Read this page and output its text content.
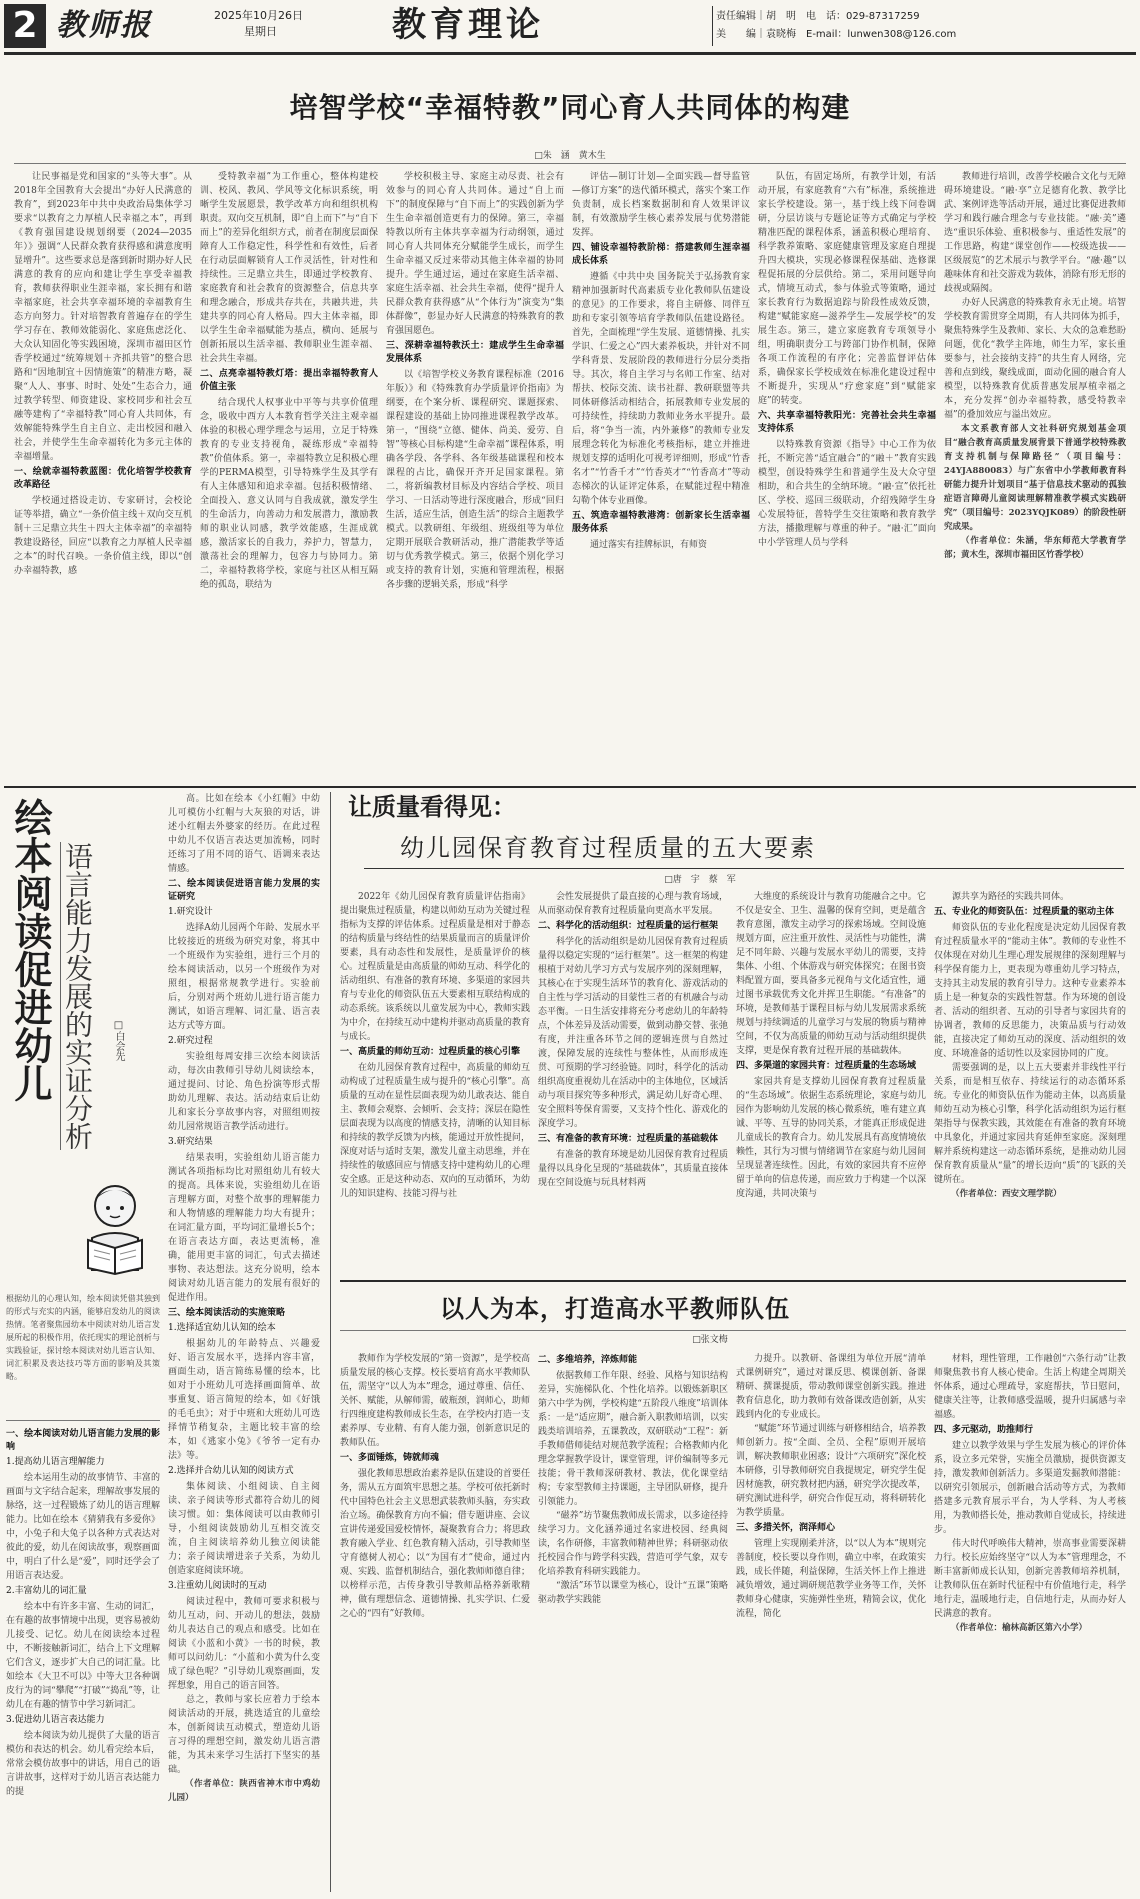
2 教师报	2025年10月26日
星期日	教育理论	责任编辑｜胡　明　电　话：029-87317259
美　　编｜袁晓梅　E-mail：lunwen308@126.com
培智学校“幸福特教”同心育人共同体的构建
□朱　涵　黄木生

让民事福是党和国家的“头等大事”。从2018年全国教育大会提出“办好人民满意的教育”，到2023年中共中央政治局集体学习要求“以教育之力厚植人民幸福之本”，再到《教育强国建设规划纲要（2024—2035年）》强调“人民群众教育获得感和满意度明显增升”。这些要求总是落到新时期办好人民满意的教育的应向和建让学生享受幸福教育，教师获得职业生涯幸福，家长拥有和谐幸福家庭，社会共享幸福环境的幸福教育生态方向努力。针对培智教育普遍存在的学生学习存在、教师效能弱化、家庭焦虑泛化、大众认知固化等实践困境，深圳市福田区竹香学校通过“统筹规划＋齐抓共管”的整合思路和“因地制宜＋因情施策”的精准方略，凝聚“人人、事事、时时、处处”生态合力，通过教学转型、师资建设、家校同步和社会互融等建构了“幸福特教”同心育人共同体，有效解能特殊学生自主自立、走出校园和融入社会，并使学生生命幸福转化为多元主体的幸福增量。

一、绘就幸福特教蓝图：优化培智学校教育改革路径

学校通过搭设走访、专家研讨，会校论证等举措，确立“一条价值主线＋双向交互机制＋三足鼎立共生＋四大主体幸福”的幸福特教建设路径，回应“以教育之力厚植人民幸福之本”的时代召唤。一条价值主线，即以“创办幸福特教，感

受特教幸福”为工作重心，整体构建校训、校风、教风、学风等文化标识系统，明晰学生发展愿景，教学改革方向和组织机构职责。双向交互机制，即“自上而下”与“自下而上”的差异化组织方式，前者在制度层面保障育人工作稳定性，科学性和有效性，后者在行动层面解锁育人工作灵活性，针对性和持续性。三足鼎立共生，即通过学校教育、家庭教育和社会教育的资源整合，信息共享和理念融合，形成共存共在，共融共进，共建共享的同心育人格局。四大主体幸福，即以学生生命幸福赋能为基点，横向、延展与创新拓展以生活幸福、教师职业生涯幸福、社会共生幸福。

二、点亮幸福特教灯塔：提出幸福特教育人价值主张

结合现代人权事业中平等与共享价值理念，吸收中西方人本教育哲学关注主观幸福体验的积极心理学理念与运用，立足于特殊教育的专业支持视角，凝练形成“幸福特教”价值体系。第一，幸福特教立足积极心理学的PERMA模型，引导特殊学生及其学有有人主体感知和追求幸福。包括积极情绪、全面投入、意义认同与自我成就，激发学生的生命活力，向善动力和发展潜力，激励教师的职业认同感，教学效能感，生涯成就感，激活家长的自我力，养护力，智慧力，激荡社会的理解力，包容力与协同力。第二，幸福特教将学校，家庭与社区从相互隔绝的孤岛，联结为

学校积极主导、家庭主动尽责、社会有效参与的同心育人共同体。通过“自上而下”的制度保障与“自下而上”的实践创新为学生生命幸福创造更有力的保障。第三，幸福特教以所有主体共享幸福为行动纲领，通过同心育人共同体充分赋能学生成长，而学生生命幸福又反过来带动其他主体幸福的协同提升。学生通过运，通过在家庭生活幸福、家庭生活幸福、社会共生幸福，使得“提升人民群众教育获得感”从“个体行为”演变为“集体群像”，彰显办好人民满意的特殊教育的教育强国愿色。

三、深耕幸福特教沃土：建成学生生命幸福发展体系

以《培智学校义务教育课程标准（2016年版）》和《特殊教育办学质量评价指南》为纲要，在个案分析、课程研究、课题探索、课程建设的基础上协同推进课程教学改革。第一，“围绕“立德、健体、尚美、爱劳、自智”等核心目标构建“生命幸福”课程体系，明确各学段、各学科、各年级基础课程和校本课程的占比，确保开齐开足国家课程。第二，将新编教材目标及内容结合学校、项目学习、一日活动等进行深度融合，形成“回归生活，适应生活，创造生活”的综合主题教学模式。以教研组、年级组、班级组等为单位定期开展联合教研活动，推广潜能教学等适切与优秀教学模式。第三，依据个别化学习或支持的教育计划，实施和管理流程，根据各步骤的逻辑关系，形成“科学

评估—制订计划—全面实践—督导监管—修订方案”的迭代循环模式，落实个案工作负责制，成长档案数据制和育人效果评议制，有效激励学生核心素养发展与优势潜能发挥。

四、铺设幸福特教阶梯：搭建教师生涯幸福成长体系

遵循《中共中央 国务院关于弘扬教育家精神加强新时代高素质专业化教师队伍建设的意见》的工作要求，将自主研修、同伴互助和专家引领等培育学教师队伍建设路径。首先，全面梳理“学生发展、道德情操、扎实学识、仁爱之心”四大素养板块，并针对不同学科背景、发展阶段的教师进行分层分类指导。其次，将自主学习与名师工作室、结对帮扶、校际交流、读书社群、教研联盟等共同体研修活动相结合，拓展教师专业发展的可持续性，持续助力教师业务水平提升。最后，将“争当一流，内外兼修”的教师专业发展理念转化为标准化考核指标，建立并推进规划支撑的适明化可视考评细则，形成“竹香名才”“竹香千才”“竹香英才”“竹香高才”等动态梯次的认证评定体系，在赋能过程中精准勾勒个体专业画像。

五、筑造幸福特教港湾：创新家长生活幸福服务体系

通过落实有挂牌标识，有师资

队伍，有固定场所，有教学计划，有活动开展，有家庭教育“六有”标准，系统推进家长学校建设。第一，基于线上线下问卷调研，分层访谈与专题论证等方式确定与学校精准匹配的课程体系，涵盖积极心理培育、科学教养策略、家庭健康管理及家庭自理提升四大模块，实现必修课程保基础、选修课程促拓展的分层供给。第二，采用问题导向式，情境互动式，参与体验式等策略，通过家长教育行为数据追踪与阶段性成效反馈，构建“赋能家庭—滋养学生—发展学校”的发展生态。第三，建立家庭教育专项领导小组，明确职责分工与跨部门协作机制，保障各项工作流程的有序化；完善监督评估体系，确保家长学校成效在标准化建设过程中不断提升，实现从“疗愈家庭”到“赋能家庭”的转变。

六、共享幸福特教阳光：完善社会共生幸福支持体系

以特殊教育资源《指导》中心工作为依托，不断完善“适宜融合”的“融＋”教育实践模型，创设特殊学生和普通学生及大众守望相助，和合共生的全纳环境。“融·宣”依托社区、学校、巡回三级联动，介绍残障学生身心发展特征，普特学生交往策略和教育教学方法，播撒理解与尊重的种子。“融·汇”面向中小学管理人员与学科

教师进行培训，改善学校融合文化与无障碍环境建设。“融·享”立足德育化教、教学比武、案例评选等活动开展，通过比赛促进教师学习和践行融合理念与专业技能。“融·美”遴选“重识乐体验、重积极参与、重适性发展”的工作思路，构建“课堂创作——校级选拔——区级展览”的艺术展示与教学平台。“融·趣”以趣味体育和社交游戏为载体，消除有形无形的歧视或隔阂。

办好人民满意的特殊教育永无止境。培智学校教育需贯穿全周期，有人共同体为抓手，聚焦特殊学生及教师、家长、大众的急难愁盼问题，优化“教学主阵地，师生力军，家长重要参与，社会接纳支持”的共生育人网络，完善和点到线，聚线成面，面动化圆的融合育人模型，以特殊教育优质普惠发展厚植幸福之本，充分发挥“创办幸福特教，感受特教幸福”的叠加效应与溢出效应。

本文系教育部人文社科研究规划基金项目“融合教育高质量发展背景下普通学校特殊教育支持机制与保障路径”（项目编号：24YJA880083）与广东省中小学教师教育科研能力提升计划项目“基于信息技术驱动的孤独症语言障碍儿童阅读理解精准教学模式实践研究”（项目编号：2023YQJK089）的阶段性研究成果。

（作者单位：朱涵，华东师范大学教育学部；黄木生，深圳市福田区竹香学校）

绘本阅读促进幼儿 语言能力发展的实证分析 □白会先
根据幼儿的心理认知，绘本阅读凭借其独到的形式与充实的内涵，能够启发幼儿的阅读热情。笔者聚焦园幼本中阅读对幼儿语言发展所起的积极作用，依托现实的理论剖析与实践验证，探讨绘本阅读对幼儿语言认知、词汇积累及表达技巧等方面的影响及其策略。
一、绘本阅读对幼儿语言能力发展的影响
1.提高幼儿语言理解能力

绘本运用生动的故事情节、丰富的画面与文字结合起来，理解故事发展的脉络，这一过程锻炼了幼儿的语言理解能力。比如在绘本《猜猜我有多爱你》中，小兔子和大兔子以各种方式表达对彼此的爱，幼儿在阅读故事，观察画面中，明白了什么是“爱”，同时还学会了用语言表达爱。

2.丰富幼儿的词汇量

绘本中有许多丰富、生动的词汇，在有趣的故事情境中出现，更容易被幼儿接受、记忆。幼儿在阅读绘本过程中，不断接触新词汇，结合上下文理解它们含义，逐步扩大自己的词汇量。比如绘本《大卫不可以》中等大卫各种调皮行为的词“攀爬”“打破”“捣乱”等，让幼儿在有趣的情节中学习新词汇。

3.促进幼儿语言表达能力

绘本阅读为幼儿提供了大量的语言模仿和表达的机会。幼儿看完绘本后，常常会模仿故事中的讲话，用自己的语言讲故事，这样对于幼儿语言表达能力的提

高。比如在绘本《小红帽》中幼儿可模仿小红帽与大灰狼的对话，讲述小红帽去外婆家的经历。在此过程中幼儿不仅语言表达更加流畅，同时还练习了用不同的语气、语调来表达情感。

二、绘本阅读促进语言能力发展的实证研究
1.研究设计

选择A幼儿园两个年龄、发展水平比较接近的班级为研究对象，将其中一个班级作为实验组，进行三个月的绘本阅读活动，以另一个班级作为对照组，根据常规教学进行。实验前后，分别对两个班幼儿进行语言能力测试，如语言理解、词汇量、语言表达方式等方面。

2.研究过程

实验组每周安排三次绘本阅读活动，每次由教师引导幼儿阅读绘本，通过提问、讨论、角色扮演等形式帮助幼儿理解、表达。活动结束后让幼儿和家长分享故事内容，对照组则按幼儿园常规语言教学活动进行。

3.研究结果

结果表明，实验组幼儿语言能力测试各项指标均比对照组幼儿有较大的提高。具体来说，实验组幼儿在语言理解方面，对整个故事的理解能力和人物情感的理解能力均大有提升；在词汇量方面，平均词汇量增长5个；在语言表达方面，表达更流畅，准确，能用更丰富的词汇，句式去描述事物、表达想法。这充分说明，绘本阅读对幼儿语言能力的发展有很好的促进作用。

三、绘本阅读活动的实施策略
1.选择适宜幼儿认知的绘本

根据幼儿的年龄特点、兴趣爱好、语言发展水平，选择内容丰富，画面生动，语言简练易懂的绘本，比如对于小班幼儿可选择画面简单、故事重复、语言简短的绘本，如《好饿的毛毛虫》；对于中班和大班幼儿可选择情节稍复杂，主题比较丰富的绘本，如《逃家小兔》《爷爷一定有办法》等。

2.选择并合幼儿认知的阅读方式

集体阅读、小组阅读、自主阅读、亲子阅读等形式都符合幼儿的阅读习惯。如：集体阅读可以由教师引导，小组阅读鼓励幼儿互相交流交流，自主阅读培养幼儿独立阅读能力；亲子阅读增进亲子关系，为幼儿创造家庭阅读环境。

3.注重幼儿阅读时的互动

阅读过程中，教师可要求积极与幼儿互动，问、开动儿的想法，鼓励幼儿表达自己的观点和感受。比如在阅读《小蓝和小黄》一书的时候，教师可以问幼儿：“小蓝和小黄为什么变成了绿色呢？”引导幼儿观察画面，发挥想象，用自己的语言回答。

总之，教师与家长应着力于绘本阅读活动的开展，挑选适宜的儿童绘本，创新阅读互动模式，塑造幼儿语言习得的理想空间，激发幼儿语言潜能，为其未来学习生活打下坚实的基础。

（作者单位：陕西省神木市中鸡幼儿园）

让质量看得见：
幼儿园保育教育过程质量的五大要素
□唐　宇　蔡　军

2022年《幼儿园保育教育质量评估指南》提出聚焦过程质量，构建以师幼互动为关键过程指标为支撑的评估体系。过程质量是相对于静态的结构质量与终结性的结果质量而言的质量评价要素，具有动态性和发展性，是质量评价的核心。过程质量是由高质量的师幼互动、科学化的活动组织、有准备的教育环境、多渠道的家园共育与专业化的师资队伍五大要素相互联结构成的动态系统。该系统以儿童发展为中心，教师实践为中介，在持续互动中建构并驱动高质量的教育与成长。

一、高质量的师幼互动：过程质量的核心引擎

在幼儿园保育教育过程中，高质量的师幼互动构成了过程质量生成与提升的“核心引擎”。高质量的互动在显性层面表现为幼儿敢表达、能自主、教师会观察、会倾听、会支持；深层在隐性层面表现为以高度的情感支持，清晰的认知目标和持续的教学反馈为内核，能通过开放性提问，深度对话与适时支架，激发儿童主动思维，并在持续性的敏感回应与情感支持中建构幼儿的心理安全感。正是这种动态、双向的互动循环，为幼儿的知识建构、技能习得与社

会性发展提供了最直接的心理与教育场域，从而驱动保育教育过程质量向更高水平发展。

二、科学化的活动组织：过程质量的运行框架

科学化的活动组织是幼儿园保育教育过程质量得以稳定实现的“运行框架”。这一框架的构建根植于对幼儿学习方式与发展序列的深刻理解，其核心在于实现生活环节的教育化、游戏活动的自主性与学习活动的目蒙性三者的有机融合与动态平衡。一日生活安排将充分考虑幼儿的年龄特点，个体差异及活动需要，做到动静交替、张弛有度，并注重各环节之间的逻辑连贯与自然过渡，保障发展的连续性与整体性，从而形成连贯、可预期的学习经验链。同时，科学化的活动组织高度重视幼儿在活动中的主体地位，区域活动与项目探究等多种形式，满足幼儿好奇心理、安全照料等保育需要，又支持个性化、游戏化的深度学习。

三、有准备的教育环境：过程质量的基础载体

有准备的教育环境是幼儿园保育教育过程质量得以具身化呈现的“基础载体”，其质量直接体现在空间设施与玩具材料两

大维度的系统设计与教育功能融合之中。它不仅是安全、卫生、温馨的保育空间，更是蕴含教育意图，激发主动学习的探索场域。空间设施规划方面，应注重开放性、灵活性与功能性，满足不同年龄、兴趣与发展水平幼儿的需要，支持集体、小组、个体游戏与研究体探究；在图书资料配置方面，要具备多元视角与文化适宜性，通过图书承载优秀文化并挥卫生职能。“有准备”的环境，是教师基于课程目标与幼儿发展需求系统规划与持续调适的儿童学习与发展的物质与精神空间，不仅为高质量的师幼互动与活动组织提供支撑，更是保育教育过程开展的基础载体。

四、多渠道的家园共育：过程质量的生态场域

家园共育是支撑幼儿园保育教育过程质量的“生态场域”。依据生态系统理论，家庭与幼儿园作为影响幼儿发展的核心微系统，唯有建立真诚、平等、互导的协同关系，才能真正形成促进儿童成长的教育合力。幼儿发展具有高度情境依赖性，其行为习惯与情绪调节在家庭与幼儿园间呈现显著连续性。因此，有效的家园共育不应停留于单向的信息传递，而应致力于构建一个以深度沟通，共同决策与

源共享为路径的实践共同体。

五、专业化的师资队伍：过程质量的驱动主体

师资队伍的专业化程度是决定幼儿园保育教育过程质量水平的“能动主体”。教师的专业性不仅体现在对幼儿生理心理发展规律的深刻理解与科学保育能力上，更表现为尊重幼儿学习特点，支持其主动发展的教育引导力。这种专业素养本质上是一种复杂的实践性智慧。作为环境的创设者、活动的组织者、互动的引导者与家园共育的协调者，教师的反思能力，决策品质与行动效能，直接决定了师幼互动的深度、活动组织的效度、环境准备的适切性以及家园协同的广度。

需要强调的是，以上五大要素并非线性平行关系，而是相互依存、持续运行的动态循环系统。专业化的师资队伍作为能动主体，以高质量师幼互动为核心引擎，科学化活动组织为运行框架指导与保教实践，其效能在有准备的教育环境中具象化，并通过家园共育延伸至家庭。深刻理解并系统构建这一动态循环系统，是推动幼儿园保育教育质量从“量”的增长迈向“质”的飞跃的关键所在。

（作者单位：西安文理学院）

以人为本，打造高水平教师队伍
□张文梅

教师作为学校发展的“第一资源”，是学校高质量发展的核心支撑。校长要培育高水平教师队伍，需坚守“以人为本”理念，通过尊重、信任、关怀、赋能，从解师需，破瓶颈，润师心，助师行四维度建构教师成长生态，在学校内打造一支素养厚、专业精、有育人能力强，创新意识足的教师队伍。

一、多面锤炼，铸就师魂

强化教师思想政治素养是队伍建设的首要任务，需从五方面筑牢思想之基。学校可依托新时代中国特色社会主义思想武装教师头脑，夯实政治立场。确保教育方向不偏；借专题讲座、会议宣讲传递爱国爱校情怀，凝聚教育合力；将思政教育融入学业、红色教育精入活动，引导教师坚守育德树人初心；以“为国有才”使命，通过内观、实践、监督机制结合，强化教师师德自律；以榜样示范，古传身教引导教师品格养新歌精神，做有理想信念、道德情操、扎实学识、仁爱之心的“四有”好教师。

二、多维培养，淬炼师能

依据教师工作年限、经验、风格与知识结构差异，实施梯队化、个性化培养。以锻炼新职区第六中学为例，学校构建“五阶段八维度”培训体系：一是“适应期”，融合新入职教师培训，以实践类培训培养，五课教改，双研联动“工程”：新手教师借师徒结对规范教学流程；合格教师内化理念掌握教学设计，课堂管理，评价编制等多元技能；骨干教师深研教材、教法，优化课堂结构；专家型教师主持课题，主导团队研修，提升引领能力。

“磁养”坊节聚焦教师成长需求，以多途径持续学习力。文化涵养通过名家进校园、经典阅读，名作研修，丰富教师精神世界；科研驱动依托校园合作与跨学科实践，营造可学气象，双专化培养教育科研实践能力。

“激活”环节以课堂为核心，设计“五课”策略驱动教学实践能

力提升。以教研、备课组为单位开展“清单式课例研究”，通过对课反思、模课创新、备课精研、撰课提质，带动教师课堂创新实践。推进教育信息化，助力教师有效备课改造创新，从实践到内化的专业成长。

“赋能”环节通过训练与研修相结合，培养教师创新力。按“全面、全员、全程”原则开展培训，解决教师职业困惑；设计“六项研究”深化校本研修，引导教师研究自我提规定，研究学生促因材施教，研究教材把内涵，研究学次提改革，研究测试进科学，研究合作促互动，将科研转化为教学质量。

三、多措关怀，润泽师心

管理上实现刚柔并济，以“以人为本”规则完善制度，校长要以身作则，确立中率，在政策实践，成长伴随，利益保障，生活关怀上作上推进减负增效，通过调研规范教学业务等工作，关怀教师身心健康，实施弹性坐班，精简会议，优化流程，简化

材料，理性管理，工作融创“六条行动”让教师聚焦教书育人核心使命。生活上构建全周期关怀体系，通过心理疏导，家庭帮扶，节日慰问，健康关注等，让教师感受温暖，提升归属感与幸福感。

四、多元驱动，助推师行

建立以教学效果与学生发展为核心的评价体系，设立多元荣誉，实施全员激励，提供资源支持，激发教师创新活力。多渠道发掘教师潜能：以研究引领展示，创新融合活动等方式，为教师搭建多元教育展示平台，为人学科、为人考核用，为教师搭长处，推动教师自觉成长，持续进步。

伟大时代呼唤伟大精神，崇高事业需要深耕力行。校长应始终坚守“以人为本”管理理念，不断丰富新师成长认知，创新完善教师培养机制，让教师队伍在新时代征程中有价值地行走，科学地行走，温暖地行走，自信地行走，从而办好人民满意的教育。

（作者单位：榆林高新区第六小学）
